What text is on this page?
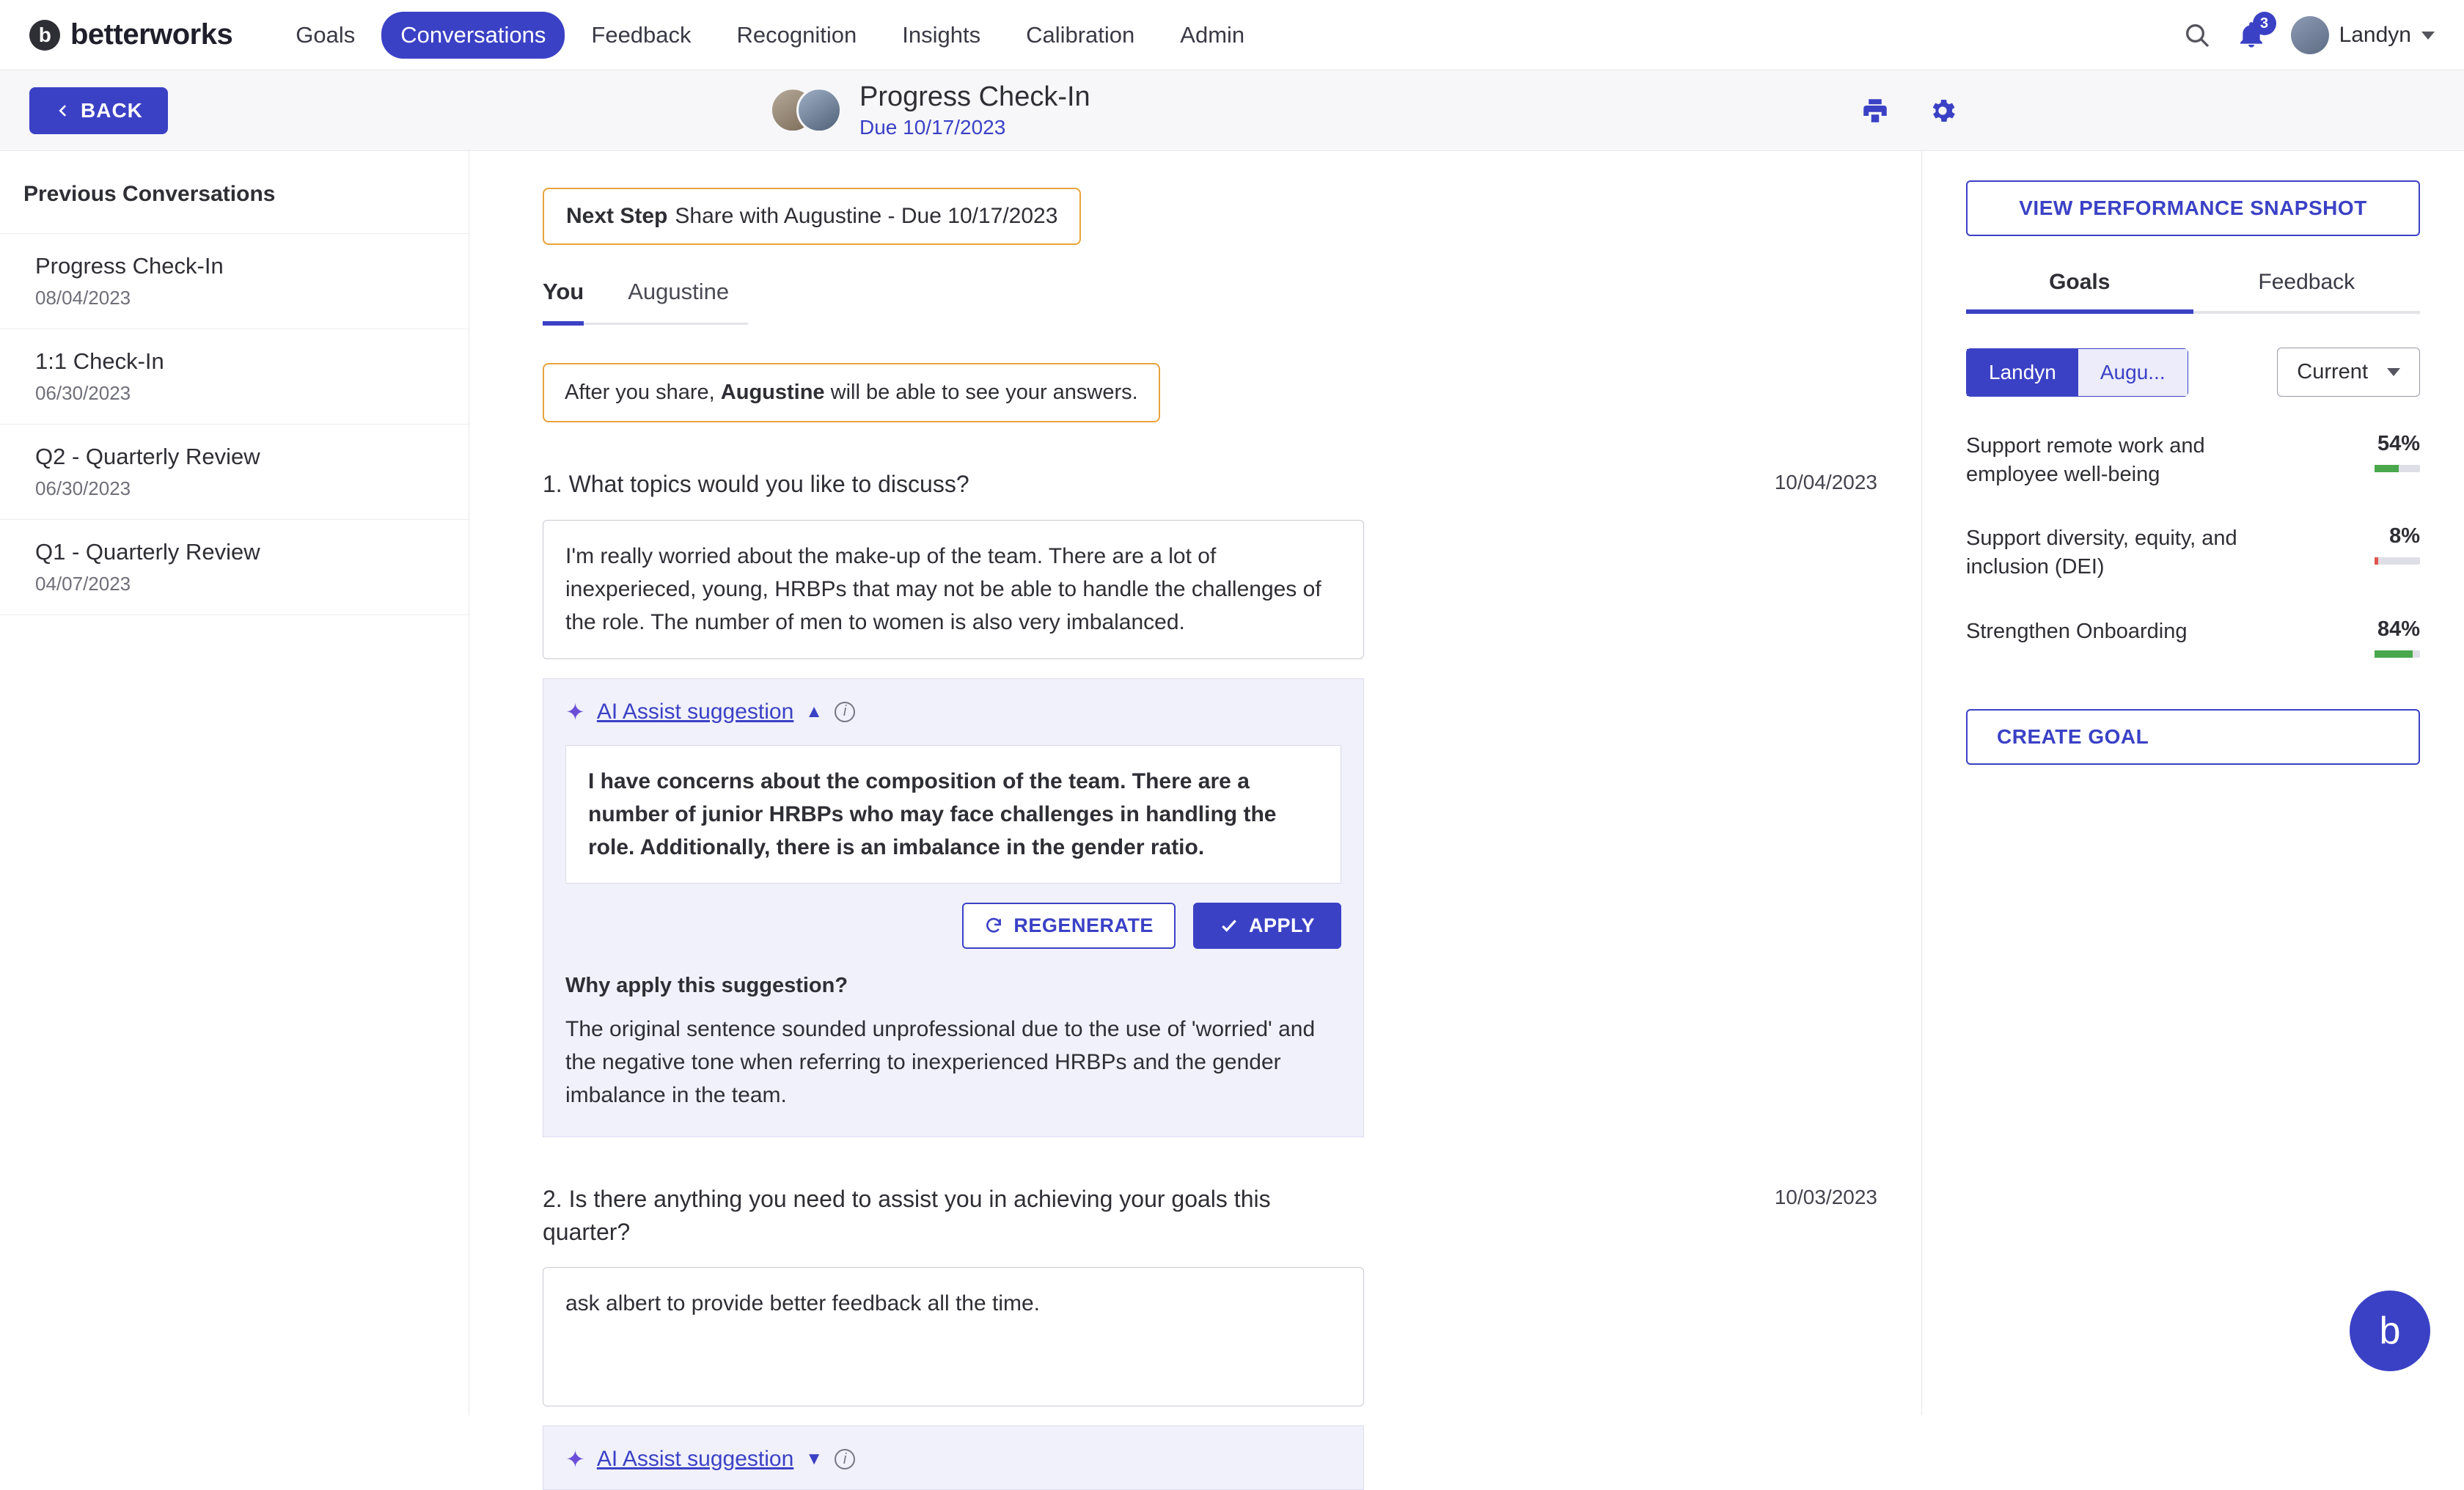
b betterworks	Goals	Conversations	Feedback	Recognition	Insights	Calibration	Admin	3	Landyn
BACK	Progress Check-In
Due 10/17/2023
Previous Conversations
Progress Check-In
08/04/2023
1:1 Check-In
06/30/2023
Q2 - Quarterly Review
06/30/2023
Q1 - Quarterly Review
04/07/2023
Next Step Share with Augustine - Due 10/17/2023
You Augustine
After you share, Augustine will be able to see your answers.
1. What topics would you like to discuss?	10/04/2023
I'm really worried about the make-up of the team. There are a lot of inexperieced, young, HRBPs that may not be able to handle the challenges of the role. The number of men to women is also very imbalanced.
✦ AI Assist suggestion ▲	i
I have concerns about the composition of the team. There are a number of junior HRBPs who may face challenges in handling the role. Additionally, there is an imbalance in the gender ratio.
REGENERATE	APPLY
Why apply this suggestion?
The original sentence sounded unprofessional due to the use of 'worried' and the negative tone when referring to inexperienced HRBPs and the gender imbalance in the team.
2. Is there anything you need to assist you in achieving your goals this quarter?
10/03/2023
ask albert to provide better feedback all the time.
✦ AI Assist suggestion ▼	i
VIEW PERFORMANCE SNAPSHOT
Goals	Feedback
Landyn	Augu...	Current
Support remote work and employee well-being
54%
Support diversity, equity, and inclusion (DEI)
8%
Strengthen Onboarding	84%
CREATE GOAL
b
